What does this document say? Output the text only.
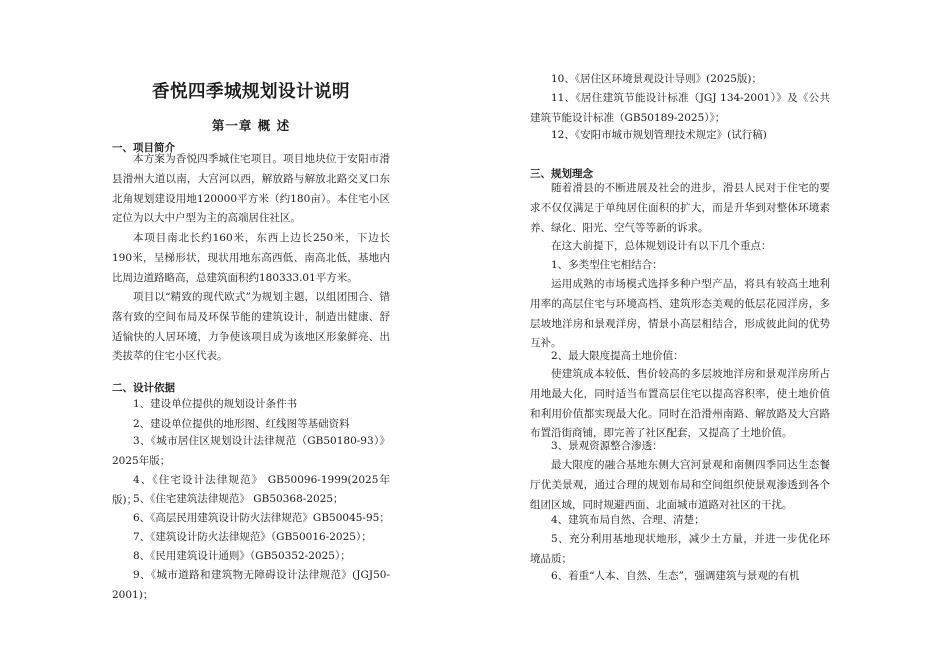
香悦四季城规划设计说明
第一章 概 述
一、项目简介

本方案为香悦四季城住宅项目。项目地块位于安阳市滑县滑州大道以南，大宫河以西，解放路与解放北路交叉口东北角规划建设用地120000平方米（约180亩）。本住宅小区定位为以大中户型为主的高端居住社区。

本项目南北长约160米，东西上边长250米，下边长190米，呈梯形状，现状用地东高西低、南高北低，基地内比周边道路略高，总建筑面积约180333.01平方米。

项目以“精致的现代欧式”为规划主题，以组团围合、错落有致的空间布局及环保节能的建筑设计，制造出健康、舒适愉快的人居环境，力争使该项目成为该地区形象鲜亮、出类拔萃的住宅小区代表。

二、设计依据

1、建设单位提供的规划设计条件书

2、建设单位提供的地形图、红线图等基础资料

3、《城市居住区规划设计法律规范（GB50180-93）》2025年版；

4、《住宅设计法律规范》 GB50096-1999(2025年版)；

5、《住宅建筑法律规范》 GB50368-2025；

6、《高层民用建筑设计防火法律规范》GB50045-95；

7、《建筑设计防火法律规范》（GB50016-2025）；

8、《民用建筑设计通则》（GB50352-2025）；

9、《城市道路和建筑物无障碍设计法律规范》(JGJ50-2001)；

10、《居住区环境景观设计导则》(2025版)；

11、《居住建筑节能设计标准（JGJ 134-2001）》及《公共建筑节能设计标准（GB50189-2025）》；

12、《安阳市城市规划管理技术规定》(试行稿)

三、规划理念

随着滑县的不断进展及社会的进步，滑县人民对于住宅的要求不仅仅满足于单纯居住面积的扩大，而是升华到对整体环境素养、绿化、阳光、空气等等新的诉求。

在这大前提下，总体规划设计有以下几个重点：

1、多类型住宅相结合：

运用成熟的市场模式选择多种户型产品，将具有较高土地利用率的高层住宅与环境高档、建筑形态美观的低层花园洋房，多层坡地洋房和景观洋房，情景小高层相结合，形成彼此间的优势互补。

2、最大限度提高土地价值：

使建筑成本较低、售价较高的多层坡地洋房和景观洋房所占用地最大化，同时适当布置高层住宅以提高容积率，使土地价值和利用价值都实现最大化。同时在沿滑州南路、解放路及大宫路布置沿街商铺，即完善了社区配套，又提高了土地价值。

3、景观资源整合渗透：

最大限度的融合基地东侧大宫河景观和南侧四季同达生态餐厅优美景观，通过合理的规划布局和空间组织使景观渗透到各个组团区域，同时规避西面、北面城市道路对社区的干扰。

4、建筑布局自然、合理、清楚；

5、充分利用基地现状地形，减少土方量，并进一步优化环境品质；

6、着重“人本、自然、生态”，强调建筑与景观的有机
